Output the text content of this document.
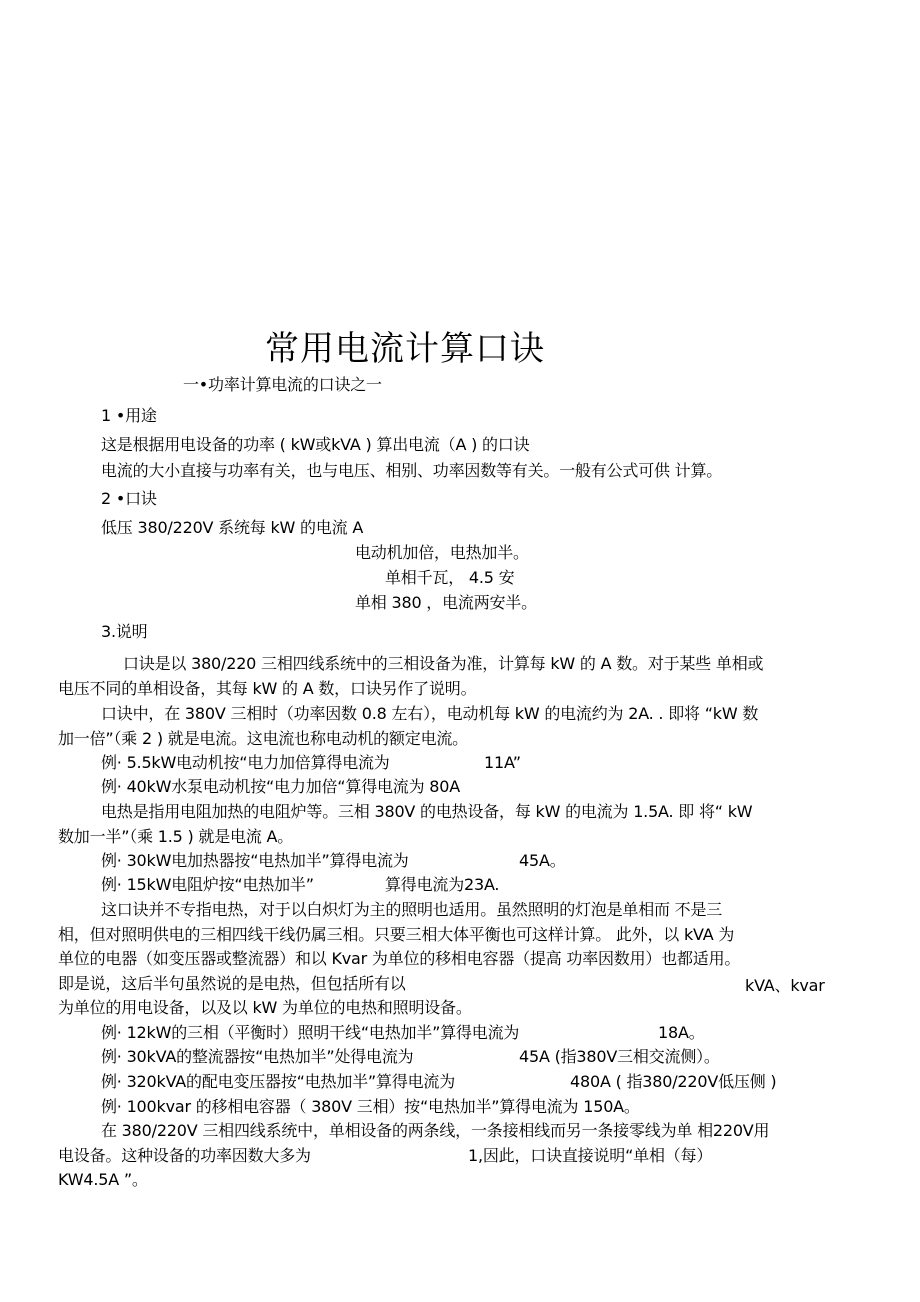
常用电流计算口诀
一•功率计算电流的口诀之一
1 •用途
这是根据用电设备的功率 ( kW或kVA ) 算出电流（A ) 的口诀
电流的大小直接与功率有关，也与电压、相别、功率因数等有关。一般有公式可供 计算。
2 •口诀
低压 380/220V 系统每 kW 的电流 A
电动机加倍，电热加半。
单相千瓦， 4.5 安
单相 380 ，电流两安半。
3.说明
口诀是以 380/220 三相四线系统中的三相设备为准，计算每 kW 的 A 数。对于某些 单相或
电压不同的单相设备，其每 kW 的 A 数，口诀另作了说明。
口诀中，在 380V 三相时（功率因数 0.8 左右），电动机每 kW 的电流约为 2A. . 即将 “kW 数
加一倍”（乘 2 ) 就是电流。这电流也称电动机的额定电流。
例· 5.5kW电动机按“电力加倍算得电流为	11A”
例· 40kW水泵电动机按“电力加倍“算得电流为 80A
电热是指用电阻加热的电阻炉等。三相 380V 的电热设备，每 kW 的电流为 1.5A. 即 将“ kW
数加一半”（乘 1.5 ) 就是电流 A。
例· 30kW电加热器按“电热加半”算得电流为	45A。
例· 15kW电阻炉按“电热加半”	算得电流为23A.
这口诀并不专指电热，对于以白炽灯为主的照明也适用。虽然照明的灯泡是单相而 不是三
相，但对照明供电的三相四线干线仍属三相。只要三相大体平衡也可这样计算。 此外，以 kVA 为
单位的电器（如变压器或整流器）和以 Kvar 为单位的移相电容器（提高 功率因数用）也都适用。
即是说，这后半句虽然说的是电热，但包括所有以	kVA、kvar
为单位的用电设备，以及以 kW 为单位的电热和照明设备。
例· 12kW的三相（平衡时）照明干线“电热加半”算得电流为	18A。
例· 30kVA的整流器按“电热加半”处得电流为	45A (指380V三相交流侧）。
例· 320kVA的配电变压器按“电热加半”算得电流为	480A ( 指380/220V低压侧 )
例· 100kvar 的移相电容器（ 380V 三相）按“电热加半”算得电流为 150A。
在 380/220V 三相四线系统中，单相设备的两条线，一条接相线而另一条接零线为单 相220V用
电设备。这种设备的功率因数大多为	1,因此，口诀直接说明“单相（每）
KW4.5A ”。
